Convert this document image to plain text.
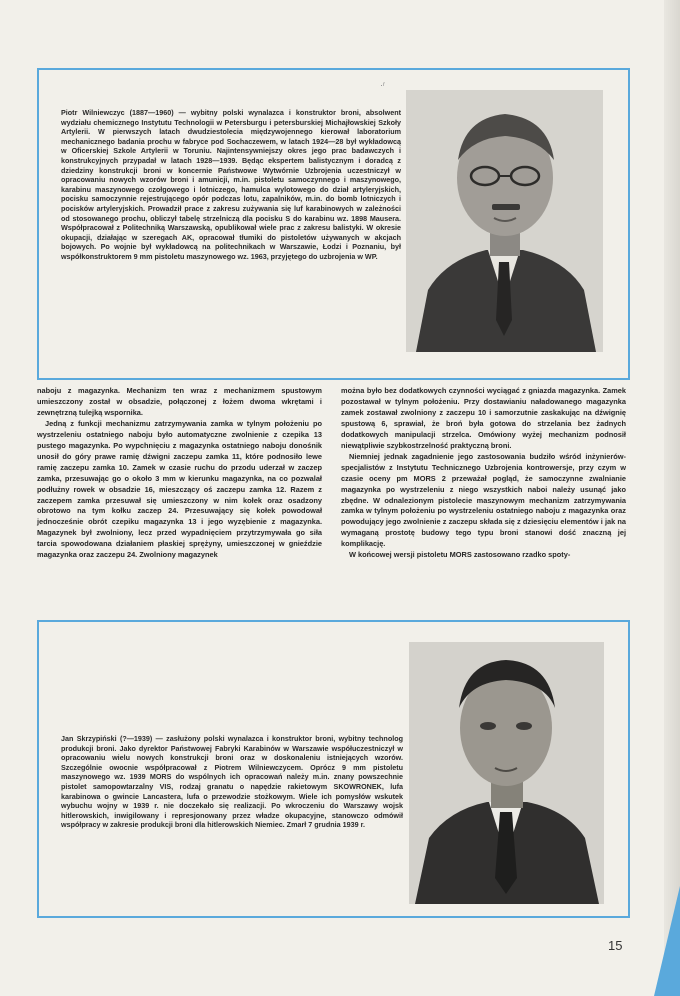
·ʳ
Piotr Wilniewczyc (1887—1960) — wybitny polski wynalazca i konstruktor broni, absolwent wydziału chemicznego Instytutu Technologii w Petersburgu i petersburskiej Michajłowskiej Szkoły Artylerii. W pierwszych latach dwudziestolecia międzywojennego kierował laboratorium mechanicznego badania prochu w fabryce pod Sochaczewem, w latach 1924—28 był wykładowcą w Oficerskiej Szkole Artylerii w Toruniu. Najintensywniejszy okres jego prac badawczych i konstrukcyjnych przypadał w latach 1928—1939. Będąc ekspertem balistycznym i doradcą z dziedziny konstrukcji broni w koncernie Państwowe Wytwórnie Uzbrojenia uczestniczył w opracowaniu nowych wzorów broni i amunicji, m.in. pistoletu samoczynnego i maszynowego, karabinu maszynowego czołgowego i lotniczego, hamulca wylotowego do dział artyleryjskich, pocisku samoczynnie rejestrującego opór podczas lotu, zapalników, m.in. do bomb lotniczych i pocisków artyleryjskich. Prowadził prace z zakresu zużywania się luf karabinowych w zależności od stosowanego prochu, obliczył tabelę strzelniczą dla pocisku S do karabinu wz. 1898 Mausera. Współpracował z Politechniką Warszawską, opublikował wiele prac z zakresu balistyki. W okresie okupacji, działając w szeregach AK, opracował tłumiki do pistoletów używanych w akcjach bojowych. Po wojnie był wykładowcą na politechnikach w Warszawie, Łodzi i Poznaniu, był współkonstruktorem 9 mm pistoletu maszynowego wz. 1963, przyjętego do uzbrojenia w WP.

naboju z magazynka. Mechanizm ten wraz z mechanizmem spustowym umieszczony został w obsadzie, połączonej z łożem dwoma wkrętami i zewnętrzną tulejką wspornika.

Jedną z funkcji mechanizmu zatrzymywania zamka w tylnym położeniu po wystrzeleniu ostatniego naboju było automatyczne zwolnienie z czepika 13 pustego magazynka. Po wypchnięciu z magazynka ostatniego naboju donośnik unosił do góry prawe ramię dźwigni zaczepu zamka 11, które podnosiło lewe ramię zaczepu zamka 10. Zamek w czasie ruchu do przodu uderzał w zaczep zamka, przesuwając go o około 3 mm w kierunku magazynka, na co pozwalał podłużny rowek w obsadzie 16, mieszczący oś zaczepu zamka 12. Razem z zaczepem zamka przesuwał się umieszczony w nim kołek oraz osadzony obrotowo na tym kołku zaczep 24. Przesuwający się kołek powodował jednocześnie obrót czepiku magazynka 13 i jego wyzębienie z magazynka. Magazynek był zwolniony, lecz przed wypadnięciem przytrzymywała go siła tarcia spowodowana działaniem płaskiej sprężyny, umieszczonej w gnieździe magazynka oraz zaczepu 24. Zwolniony magazynek

można było bez dodatkowych czynności wyciągać z gniazda magazynka. Zamek pozostawał w tylnym położeniu. Przy dostawianiu naładowanego magazynka zamek zostawał zwolniony z zaczepu 10 i samorzutnie zaskakując na dźwignię spustową 6, sprawiał, że broń była gotowa do strzelania bez żadnych dodatkowych manipulacji strzelca. Omówiony wyżej mechanizm podnosił niewątpliwie szybkostrzelność praktyczną broni.

Niemniej jednak zagadnienie jego zastosowania budziło wśród inżynierów-specjalistów z Instytutu Technicznego Uzbrojenia kontrowersje, przy czym w czasie oceny pm MORS 2 przeważał pogląd, że samoczynne zwalnianie magazynka po wystrzeleniu z niego wszystkich naboi należy usunąć jako zbędne. W odnalezionym pistolecie maszynowym mechanizm zatrzymywania zamka w tylnym położeniu po wystrzeleniu ostatniego naboju z magazynka oraz powodujący jego zwolnienie z zaczepu składa się z dziesięciu elementów i jak na wymaganą prostotę budowy tego typu broni stanowi dość znaczną jej komplikację.

W końcowej wersji pistoletu MORS zastosowano rzadko spoty-

Jan Skrzypiński (?—1939) — zasłużony polski wynalazca i konstruktor broni, wybitny technolog produkcji broni. Jako dyrektor Państwowej Fabryki Karabinów w Warszawie współuczestniczył w opracowaniu wielu nowych konstrukcji broni oraz w doskonaleniu istniejących wzorów. Szczególnie owocnie współpracował z Piotrem Wilniewczycem. Oprócz 9 mm pistoletu maszynowego wz. 1939 MORS do wspólnych ich opracowań należy m.in. znany powszechnie pistolet samopowtarzalny VIS, rodzaj granatu o napędzie rakietowym SKOWRONEK, lufa karabinowa o gwincie Lancastera, lufa o przewodzie stożkowym. Wiele ich pomysłów wskutek wybuchu wojny w 1939 r. nie doczekało się realizacji. Po wkroczeniu do Warszawy wojsk hitlerowskich, inwigilowany i represjonowany przez władze okupacyjne, stanowczo odmówił współpracy w zakresie produkcji broni dla hitlerowskich Niemiec. Zmarł 7 grudnia 1939 r.
15
